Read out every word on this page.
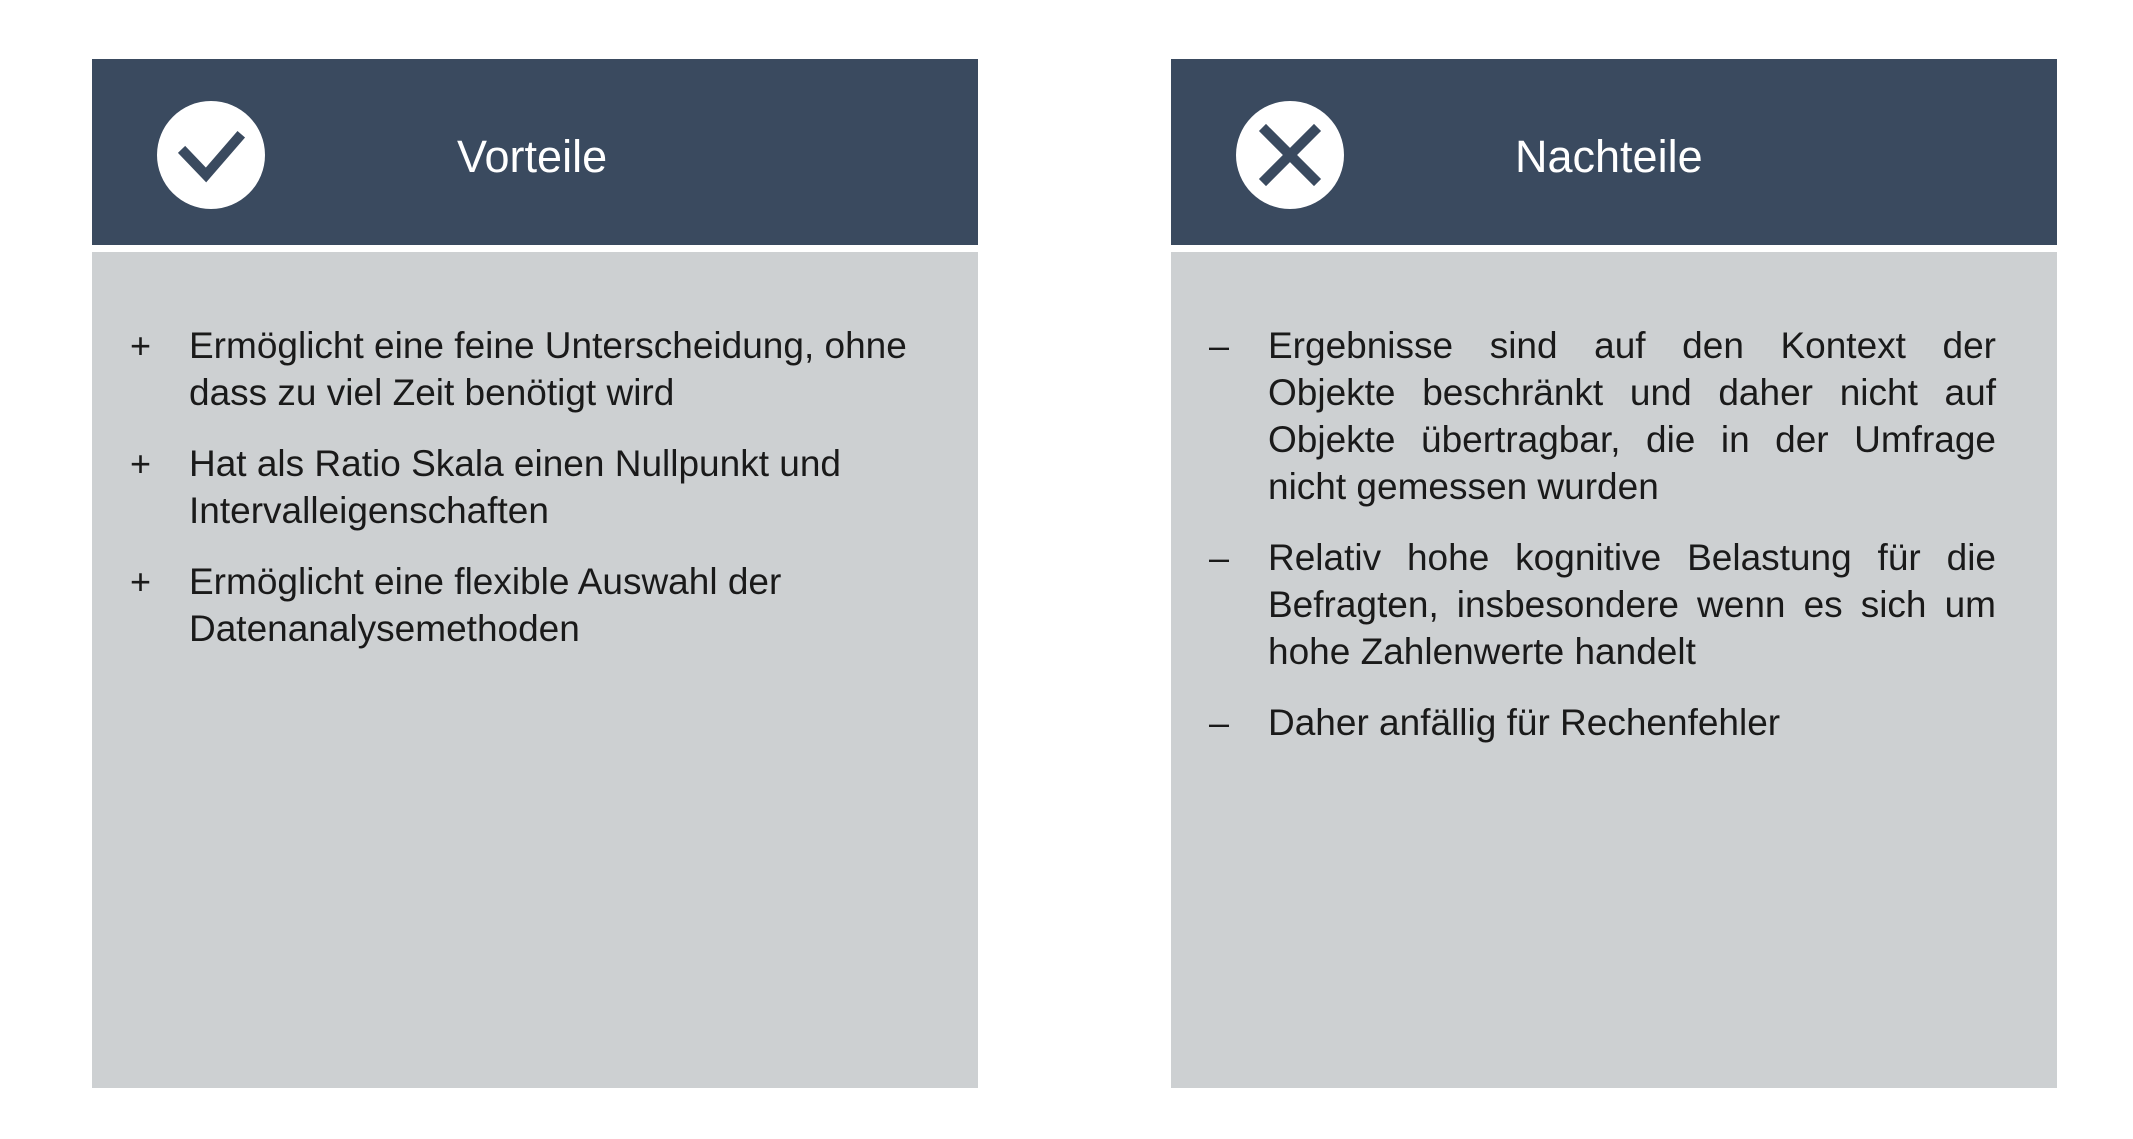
Vorteile
+	Ermöglicht eine feine Unterscheidung, ohne dass zu viel Zeit benötigt wird
+	Hat als Ratio Skala einen Nullpunkt und Intervalleigenschaften
+	Ermöglicht eine flexible Auswahl der Datenanalysemethoden
Nachteile
–	Ergebnisse sind auf den Kontext der Objekte beschränkt und daher nicht auf Objekte übertragbar, die in der Umfrage nicht gemessen wurden
–	Relativ hohe kognitive Belastung für die Befragten, insbesondere wenn es sich um hohe Zahlenwerte handelt
–	Daher anfällig für Rechenfehler
